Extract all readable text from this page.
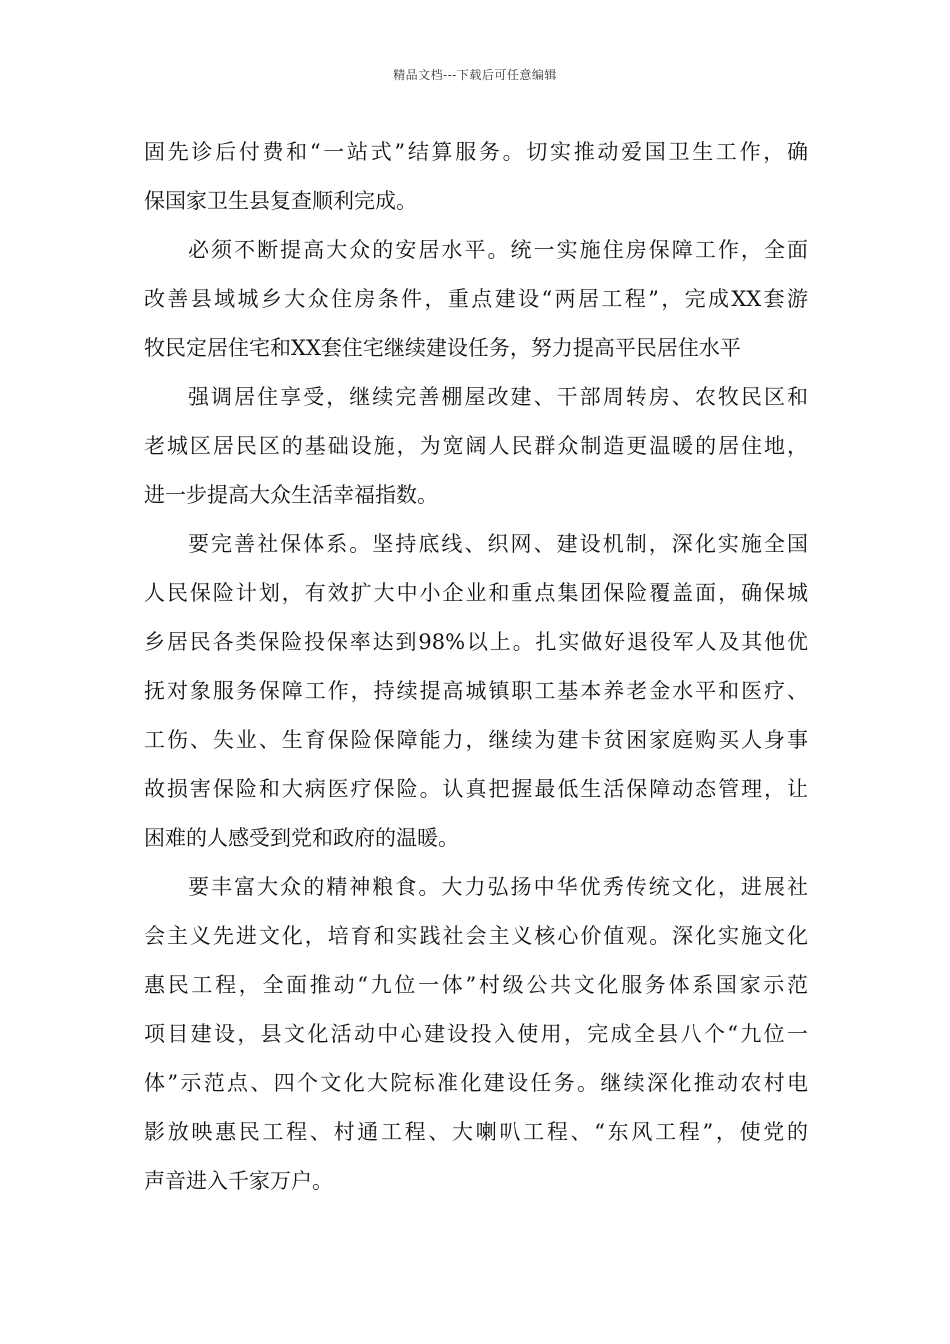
精品文档---下载后可任意编辑
固先诊后付费和“一站式”结算服务。切实推动爱国卫生工作，确
保国家卫生县复查顺利完成。
必须不断提高大众的安居水平。统一实施住房保障工作，全面
改善县域城乡大众住房条件，重点建设“两居工程”，完成XX套游
牧民定居住宅和XX套住宅继续建设任务，努力提高平民居住水平
强调居住享受，继续完善棚屋改建、干部周转房、农牧民区和
老城区居民区的基础设施，为宽阔人民群众制造更温暖的居住地，
进一步提高大众生活幸福指数。
要完善社保体系。坚持底线、织网、建设机制，深化实施全国
人民保险计划，有效扩大中小企业和重点集团保险覆盖面，确保城
乡居民各类保险投保率达到98%以上。扎实做好退役军人及其他优
抚对象服务保障工作，持续提高城镇职工基本养老金水平和医疗、
工伤、失业、生育保险保障能力，继续为建卡贫困家庭购买人身事
故损害保险和大病医疗保险。认真把握最低生活保障动态管理，让
困难的人感受到党和政府的温暖。
要丰富大众的精神粮食。大力弘扬中华优秀传统文化，进展社
会主义先进文化，培育和实践社会主义核心价值观。深化实施文化
惠民工程，全面推动“九位一体”村级公共文化服务体系国家示范
项目建设，县文化活动中心建设投入使用，完成全县八个“九位一
体”示范点、四个文化大院标准化建设任务。继续深化推动农村电
影放映惠民工程、村通工程、大喇叭工程、“东风工程”，使党的
声音进入千家万户。
